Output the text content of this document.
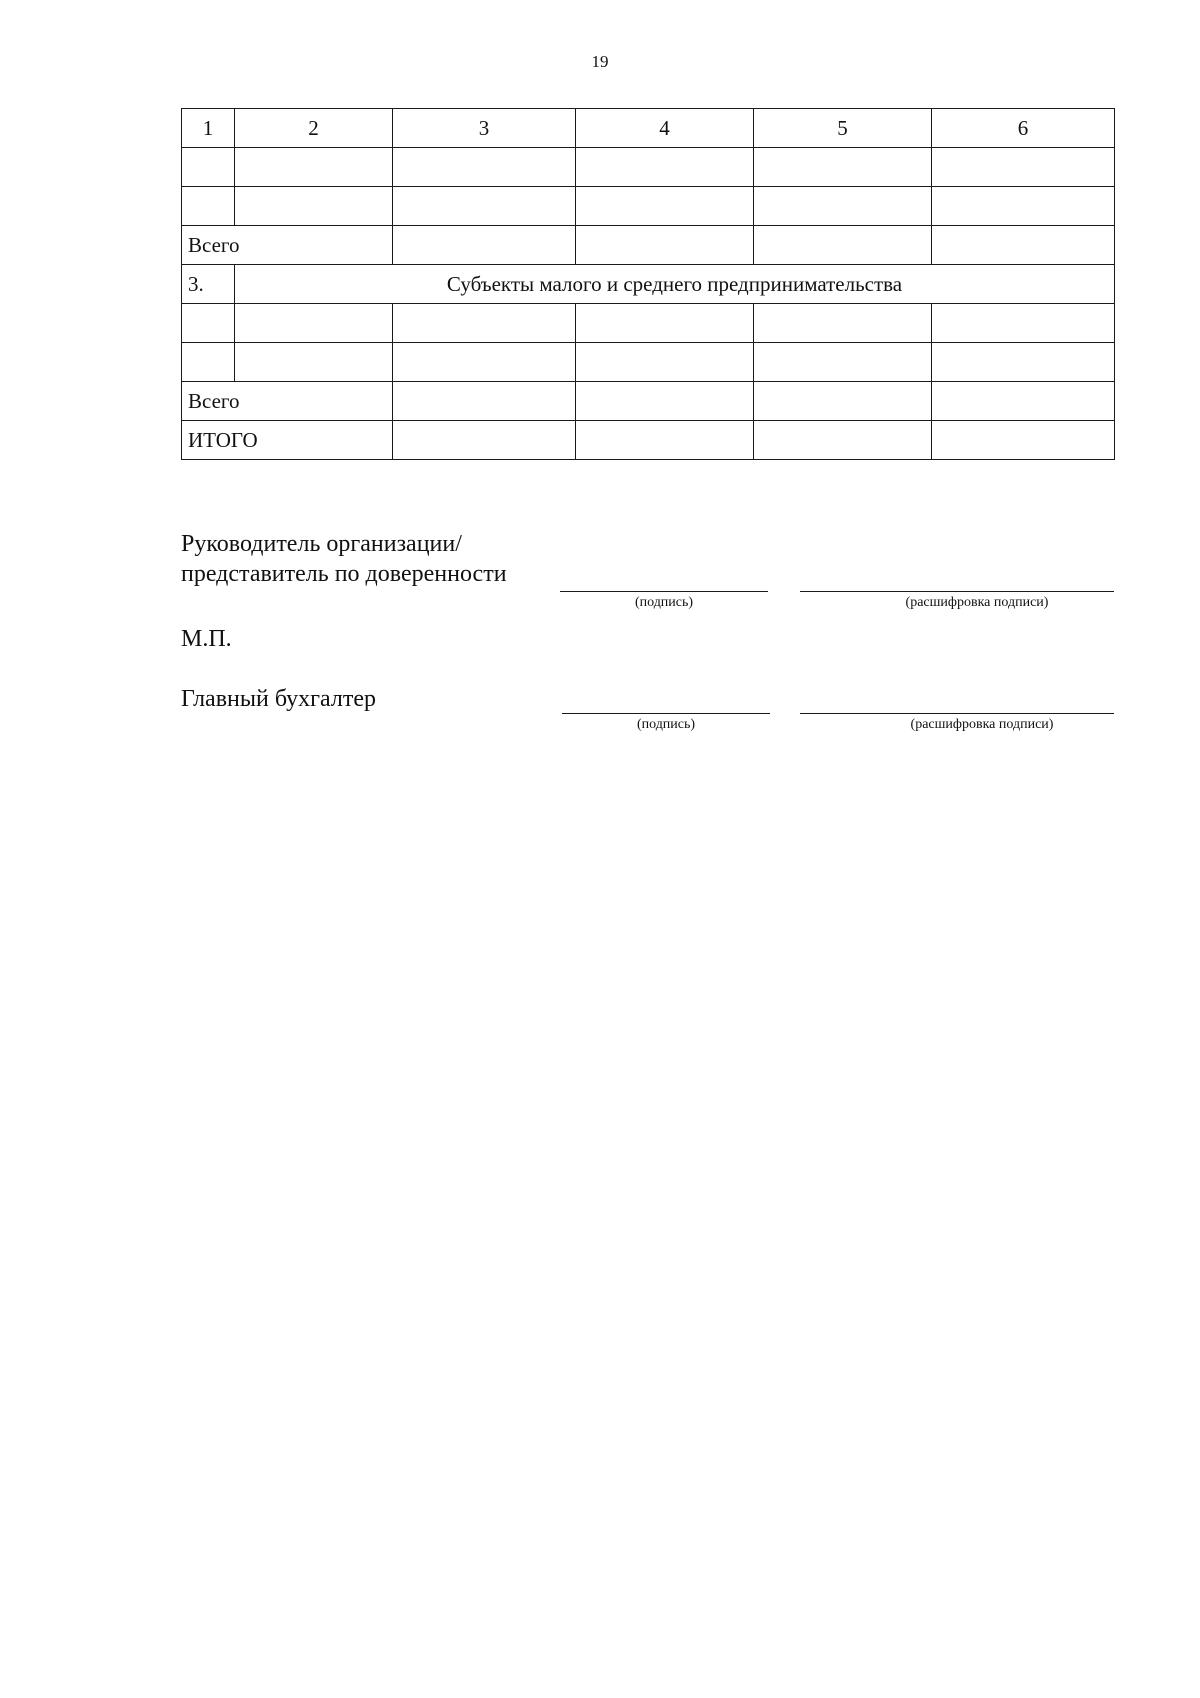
19
1	2	3	4	5	6

Всего					
3.	Субъекты малого и среднего предпринимательства				

Всего					
ИТОГО					
Руководитель организации/
представитель по доверенности
(подпись)	(расшифровка подписи)
М.П.
Главный бухгалтер
(подпись)	(расшифровка подписи)
